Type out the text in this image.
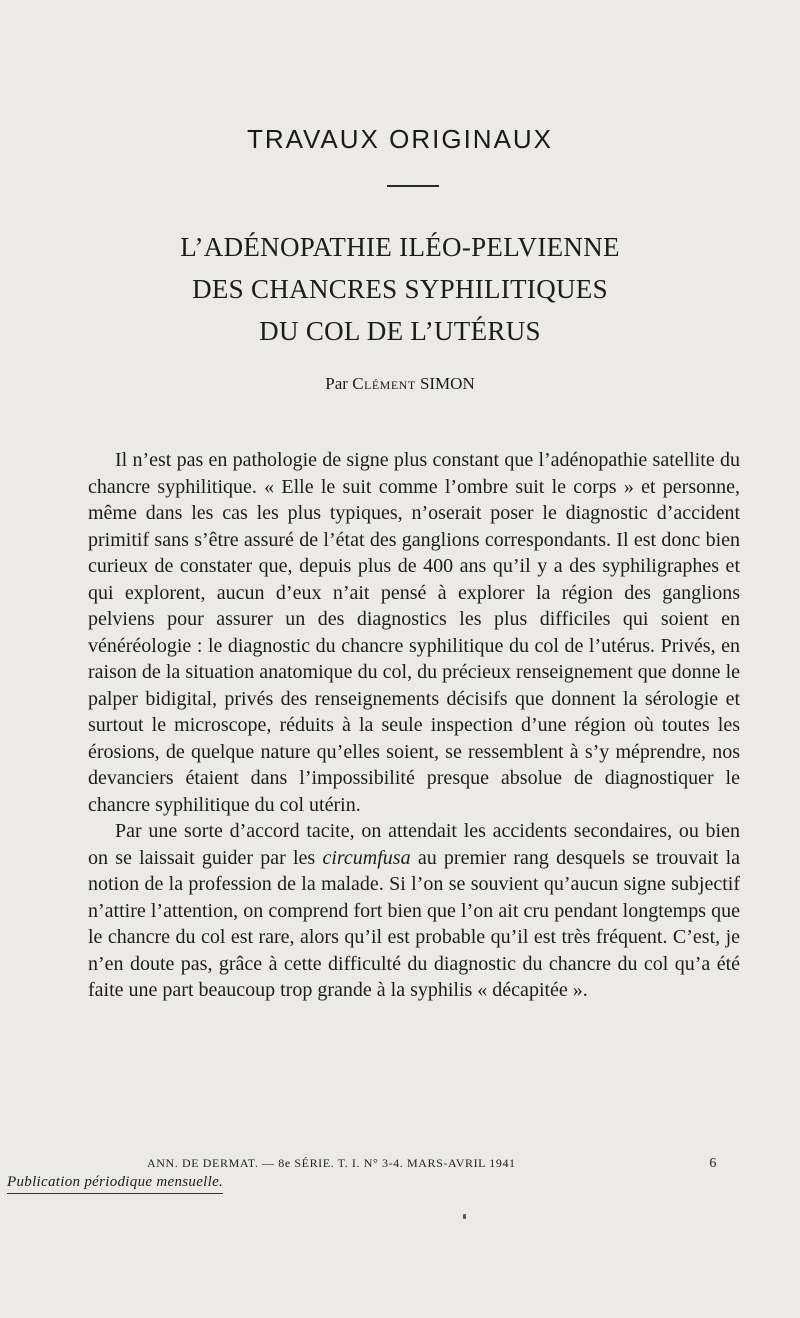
TRAVAUX ORIGINAUX
L’ADÉNOPATHIE ILÉO-PELVIENNE
DES CHANCRES SYPHILITIQUES
DU COL DE L’UTÉRUS
Par Clément SIMON

Il n’est pas en pathologie de signe plus constant que l’adénopathie satellite du chancre syphilitique. « Elle le suit comme l’ombre suit le corps » et personne, même dans les cas les plus typiques, n’oserait poser le diagnostic d’accident primitif sans s’être assuré de l’état des ganglions correspondants. Il est donc bien curieux de constater que, depuis plus de 400 ans qu’il y a des syphiligraphes et qui explorent, aucun d’eux n’ait pensé à explorer la région des ganglions pelviens pour assurer un des diagnostics les plus difficiles qui soient en vénéréologie : le diagnostic du chancre syphilitique du col de l’utérus. Privés, en raison de la situation anatomique du col, du précieux renseignement que donne le palper bidigital, privés des renseignements décisifs que donnent la sérologie et surtout le microscope, réduits à la seule inspection d’une région où toutes les érosions, de quelque nature qu’elles soient, se ressemblent à s’y méprendre, nos devanciers étaient dans l’impossibilité presque absolue de diagnostiquer le chancre syphilitique du col utérin.

Par une sorte d’accord tacite, on attendait les accidents secondaires, ou bien on se laissait guider par les circumfusa au premier rang desquels se trouvait la notion de la profession de la malade. Si l’on se souvient qu’aucun signe subjectif n’attire l’attention, on comprend fort bien que l’on ait cru pendant longtemps que le chancre du col est rare, alors qu’il est probable qu’il est très fréquent. C’est, je n’en doute pas, grâce à cette difficulté du diagnostic du chancre du col qu’a été faite une part beaucoup trop grande à la syphilis « décapitée ».

ANN. DE DERMAT. — 8e SÉRIE. T. I. N° 3-4. MARS-AVRIL 1941	6
Publication périodique mensuelle.
